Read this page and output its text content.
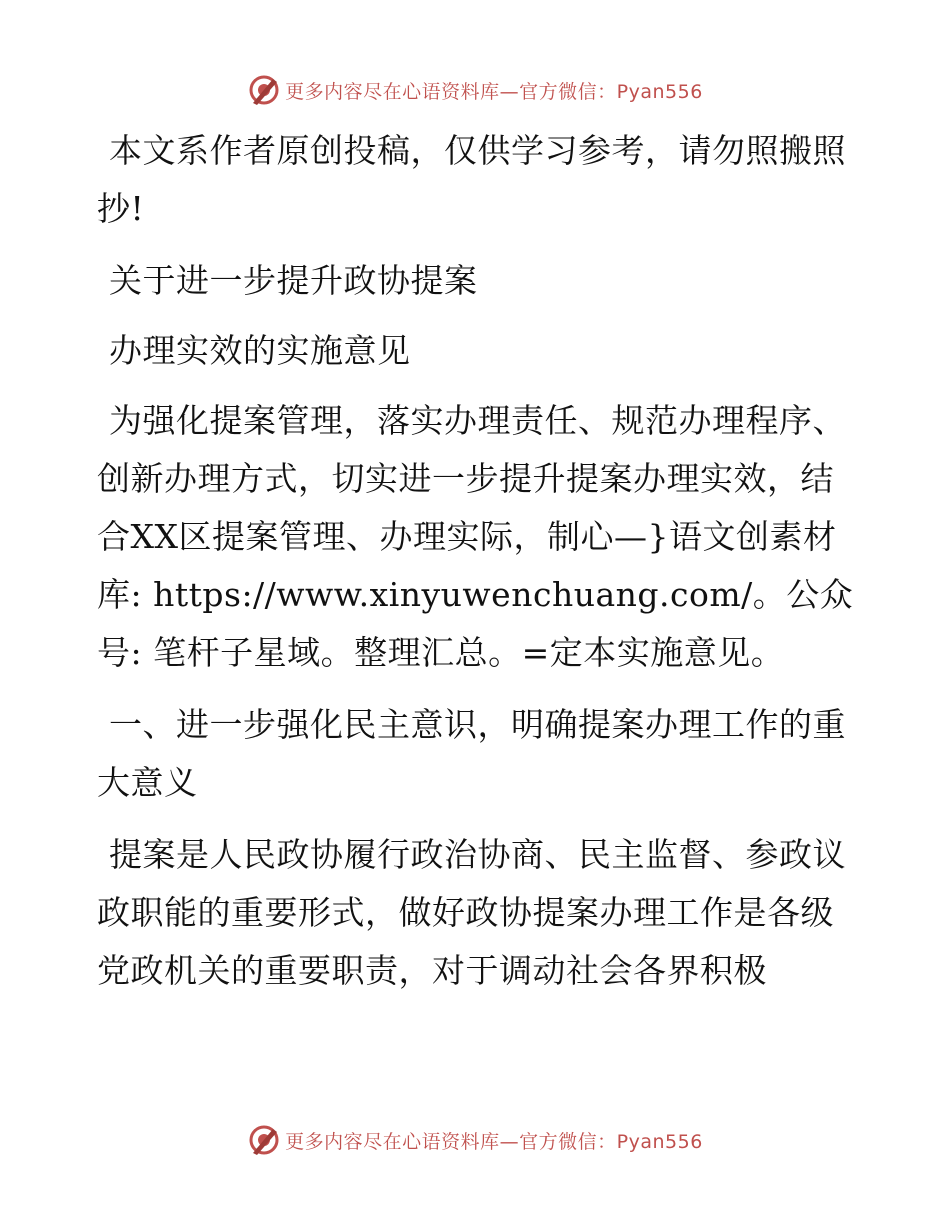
更多内容尽在心语资料库—官方微信：Pyan556

本文系作者原创投稿，仅供学习参考，请勿照搬照抄!

关于进一步提升政协提案

办理实效的实施意见

为强化提案管理，落实办理责任、规范办理程序、创新办理方式，切实进一步提升提案办理实效，结合XX区提案管理、办理实际，制心—}语文创素材库: https://www.xinyuwenchuang.com/。公众号: 笔杆子星域。整理汇总。=定本实施意见。

一、进一步强化民主意识，明确提案办理工作的重大意义

提案是人民政协履行政治协商、民主监督、参政议政职能的重要形式，做好政协提案办理工作是各级党政机关的重要职责，对于调动社会各界积极

更多内容尽在心语资料库—官方微信：Pyan556
